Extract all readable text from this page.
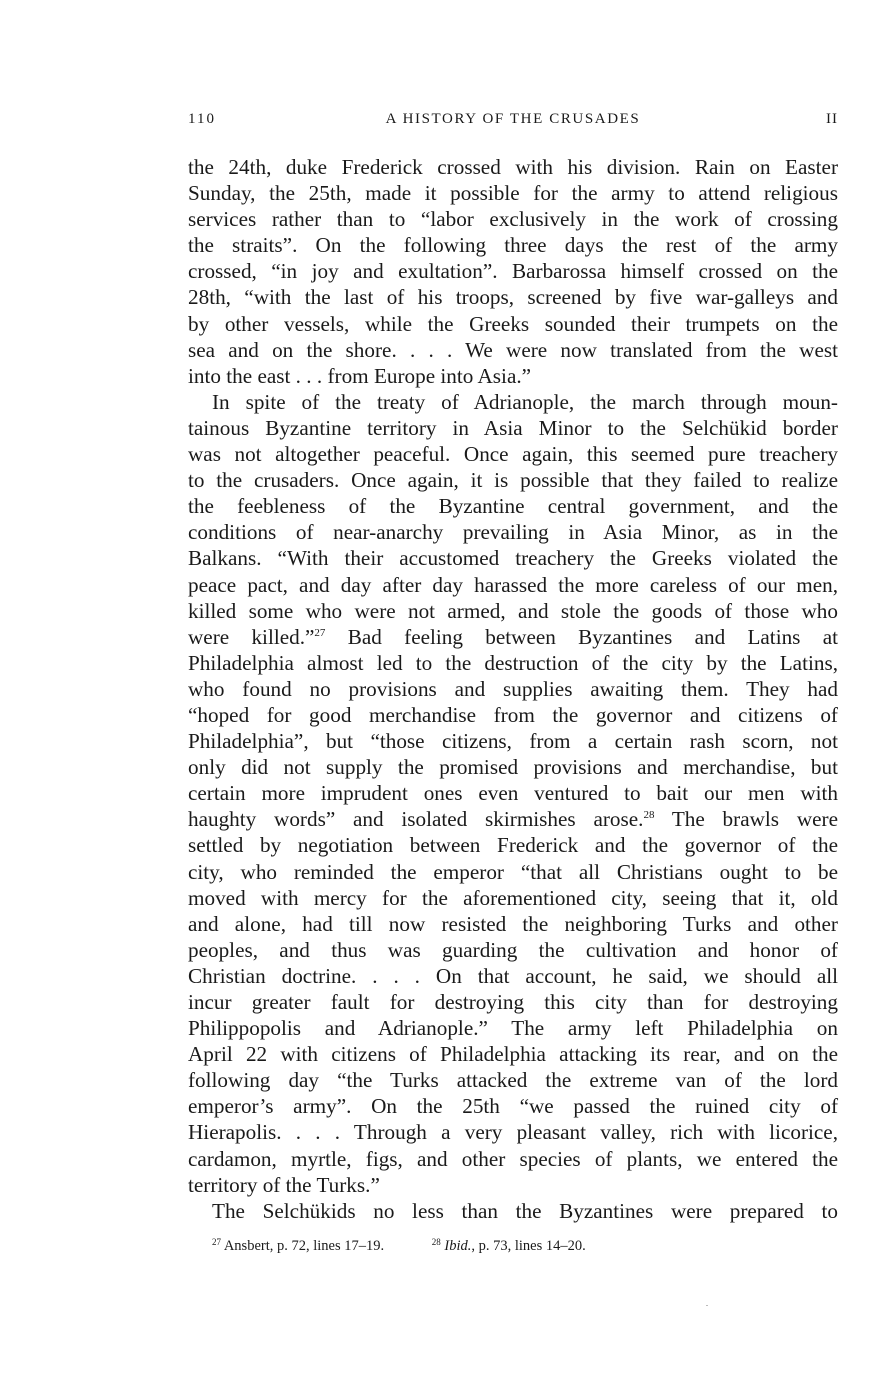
110	A HISTORY OF THE CRUSADES	II

the 24th, duke Frederick crossed with his division. Rain on Easter
Sunday, the 25th, made it possible for the army to attend religious
services rather than to “labor exclusively in the work of crossing
the straits”. On the following three days the rest of the army
crossed, “in joy and exultation”. Barbarossa himself crossed on the
28th, “with the last of his troops, screened by five war-galleys and
by other vessels, while the Greeks sounded their trumpets on the
sea and on the shore. . . . We were now translated from the west
into the east . . . from Europe into Asia.”

In spite of the treaty of Adrianople, the march through moun-
tainous Byzantine territory in Asia Minor to the Selchükid border
was not altogether peaceful. Once again, this seemed pure treachery
to the crusaders. Once again, it is possible that they failed to realize
the feebleness of the Byzantine central government, and the
conditions of near-anarchy prevailing in Asia Minor, as in the
Balkans. “With their accustomed treachery the Greeks violated the
peace pact, and day after day harassed the more careless of our men,
killed some who were not armed, and stole the goods of those who
were killed.”$^{27}$ Bad feeling between Byzantines and Latins at
Philadelphia almost led to the destruction of the city by the Latins,
who found no provisions and supplies awaiting them. They had
“hoped for good merchandise from the governor and citizens of
Philadelphia”, but “those citizens, from a certain rash scorn, not
only did not supply the promised provisions and merchandise, but
certain more imprudent ones even ventured to bait our men with
haughty words” and isolated skirmishes arose.$^{28}$ The brawls were
settled by negotiation between Frederick and the governor of the
city, who reminded the emperor “that all Christians ought to be
moved with mercy for the aforementioned city, seeing that it, old
and alone, had till now resisted the neighboring Turks and other
peoples, and thus was guarding the cultivation and honor of
Christian doctrine. . . . On that account, he said, we should all
incur greater fault for destroying this city than for destroying
Philippopolis and Adrianople.” The army left Philadelphia on
April 22 with citizens of Philadelphia attacking its rear, and on the
following day “the Turks attacked the extreme van of the lord
emperor’s army”. On the 25th “we passed the ruined city of
Hierapolis. . . . Through a very pleasant valley, rich with licorice,
cardamon, myrtle, figs, and other species of plants, we entered the
territory of the Turks.”

The Selchükids no less than the Byzantines were prepared to

$^{27}$ Ansbert, p. 72, lines 17–19.	$^{28}$ Ibid., p. 73, lines 14–20.
